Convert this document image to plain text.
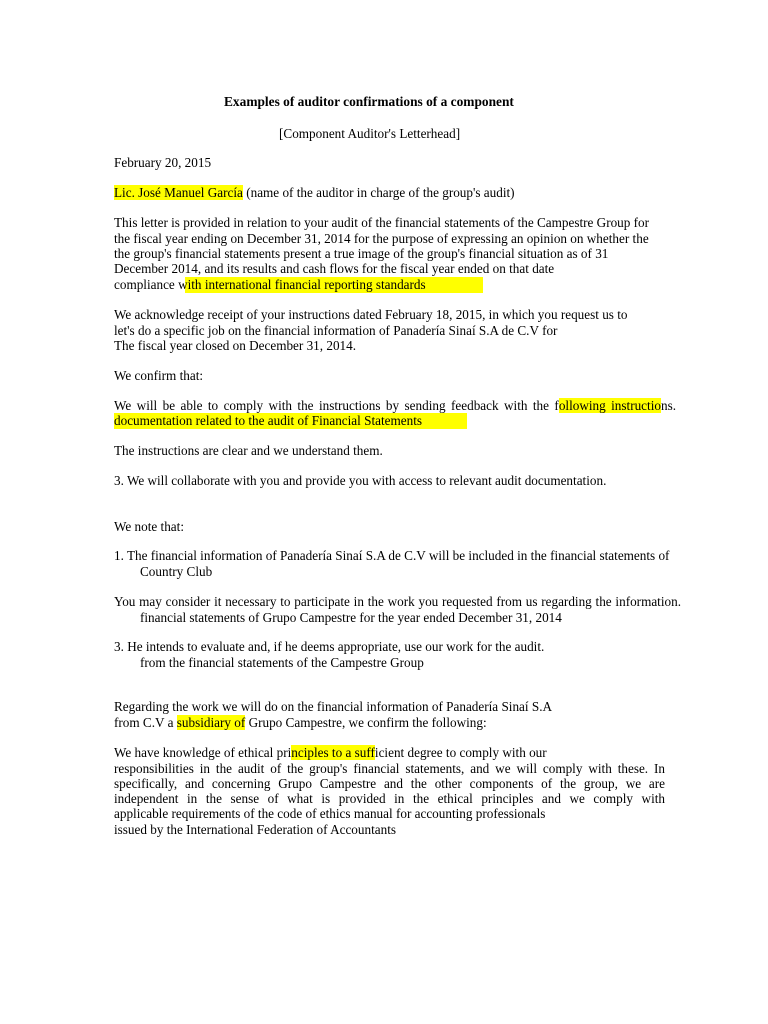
Examples of auditor confirmations of a component
[Component Auditor's Letterhead]
February 20, 2015
Lic. José Manuel García (name of the auditor in charge of the group's audit)
This letter is provided in relation to your audit of the financial statements of the Campestre Group for
the fiscal year ending on December 31, 2014 for the purpose of expressing an opinion on whether the
the group's financial statements present a true image of the group's financial situation as of 31
December 2014, and its results and cash flows for the fiscal year ended on that date
compliance with international financial reporting standards
We acknowledge receipt of your instructions dated February 18, 2015, in which you request us to
let's do a specific job on the financial information of Panadería Sinaí S.A de C.V for
The fiscal year closed on December 31, 2014.
We confirm that:
We will be able to comply with the instructions by sending feedback with the following instructions.
documentation related to the audit of Financial Statements
The instructions are clear and we understand them.
3. We will collaborate with you and provide you with access to relevant audit documentation.
We note that:
1. The financial information of Panadería Sinaí S.A de C.V will be included in the financial statements of
Country Club
You may consider it necessary to participate in the work you requested from us regarding the information.
financial statements of Grupo Campestre for the year ended December 31, 2014
3. He intends to evaluate and, if he deems appropriate, use our work for the audit.
from the financial statements of the Campestre Group
Regarding the work we will do on the financial information of Panadería Sinaí S.A
from C.V a subsidiary of Grupo Campestre, we confirm the following:
We have knowledge of ethical principles to a sufficient degree to comply with our
responsibilities in the audit of the group's financial statements, and we will comply with these. In
specifically, and concerning Grupo Campestre and the other components of the group, we are
independent in the sense of what is provided in the ethical principles and we comply with
applicable requirements of the code of ethics manual for accounting professionals
issued by the International Federation of Accountants
